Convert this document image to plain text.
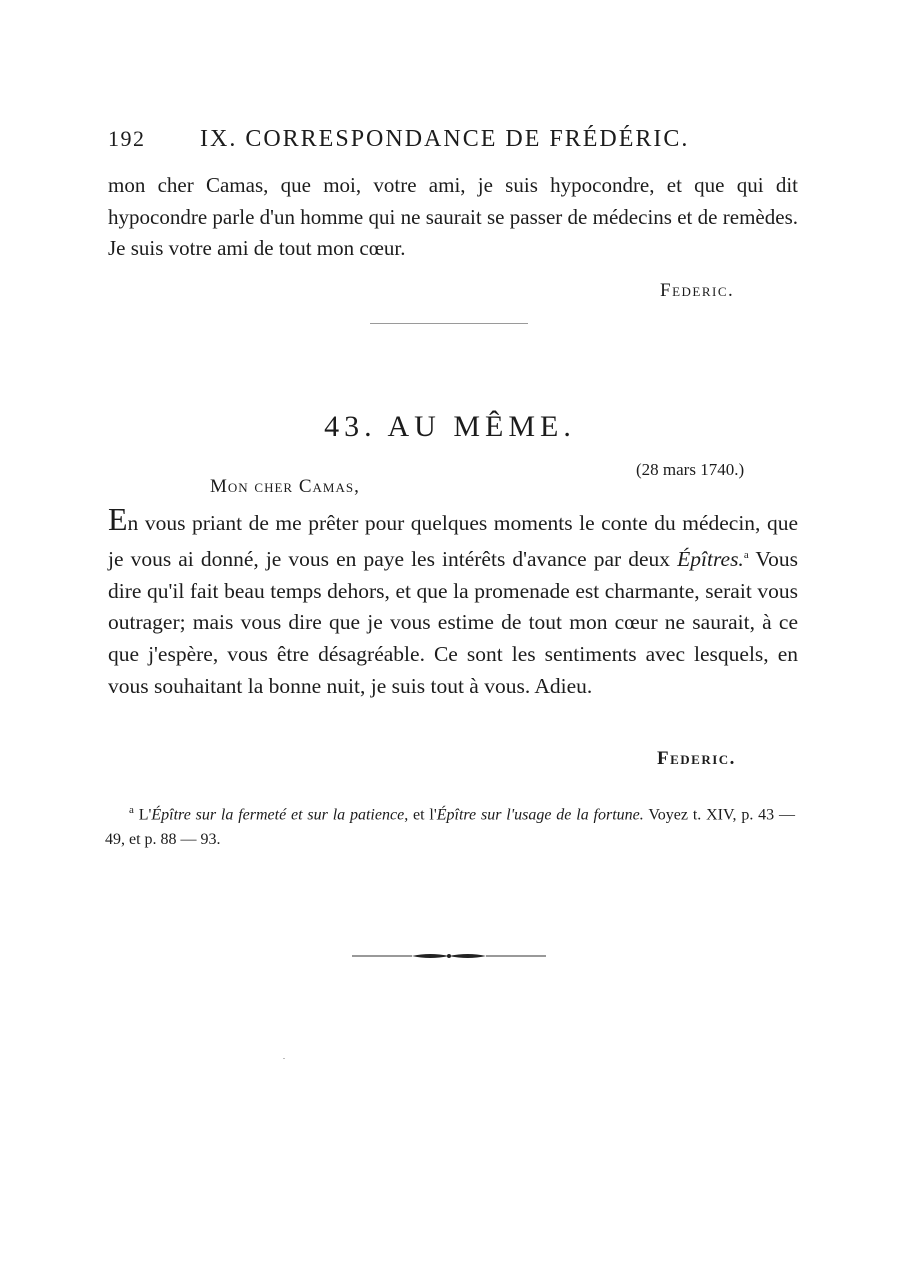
192 IX. CORRESPONDANCE DE FRÉDÉRIC.
mon cher Camas, que moi, votre ami, je suis hypocondre, et que qui dit hypocondre parle d'un homme qui ne saurait se passer de médecins et de remèdes. Je suis votre ami de tout mon cœur.
Federic.
43. AU MÊME.
(28 mars 1740.)
Mon cher Camas,
En vous priant de me prêter pour quelques moments le conte du médecin, que je vous ai donné, je vous en paye les intérêts d'avance par deux Épîtres.$^a$ Vous dire qu'il fait beau temps dehors, et que la promenade est charmante, serait vous outrager; mais vous dire que je vous estime de tout mon cœur ne saurait, à ce que j'espère, vous être désagréable. Ce sont les sentiments avec lesquels, en vous souhaitant la bonne nuit, je suis tout à vous. Adieu.
Federic.
$^a$ L'Épître sur la fermeté et sur la patience, et l'Épître sur l'usage de la fortune. Voyez t. XIV, p. 43 — 49, et p. 88 — 93.
